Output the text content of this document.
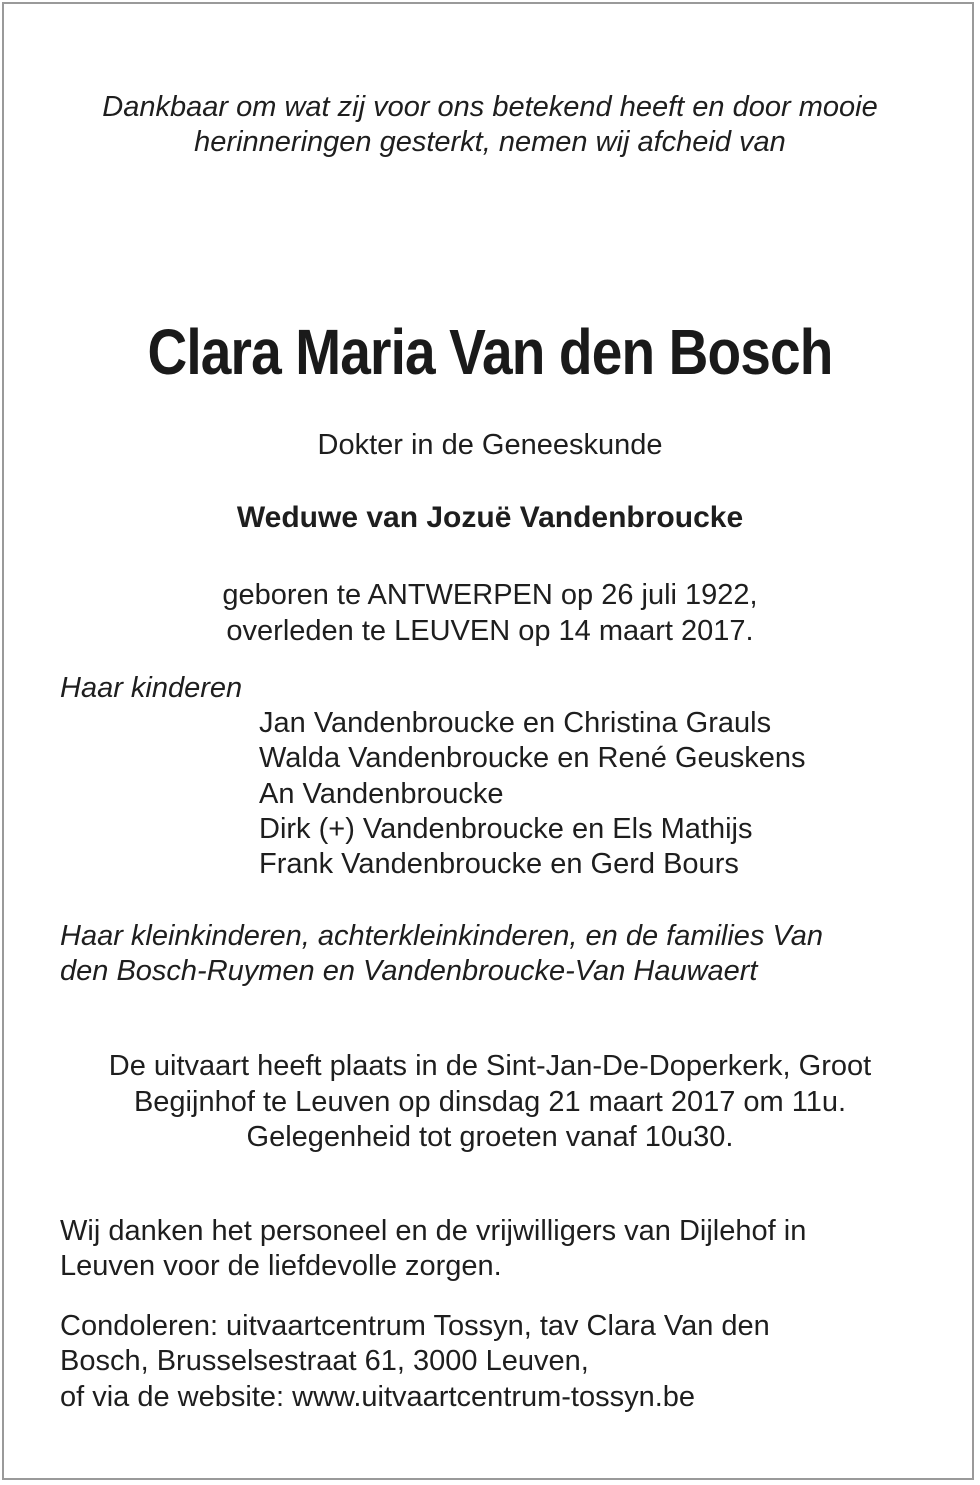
Dankbaar om wat zij voor ons betekend heeft en door mooie
herinneringen gesterkt, nemen wij afcheid van

Clara Maria Van den Bosch

Dokter in de Geneeskunde

Weduwe van Jozuë Vandenbroucke

geboren te ANTWERPEN op 26 juli 1922,

overleden te LEUVEN op 14 maart 2017.

Haar kinderen

Jan Vandenbroucke en Christina Grauls

Walda Vandenbroucke en René Geuskens

An Vandenbroucke

Dirk (+) Vandenbroucke en Els Mathijs

Frank Vandenbroucke en Gerd Bours

Haar kleinkinderen, achterkleinkinderen, en de families Van

den Bosch-Ruymen en Vandenbroucke-Van Hauwaert

De uitvaart heeft plaats in de Sint-Jan-De-Doperkerk, Groot

Begijnhof te Leuven op dinsdag 21 maart 2017 om 11u.

Gelegenheid tot groeten vanaf 10u30.

Wij danken het personeel en de vrijwilligers van Dijlehof in

Leuven voor de liefdevolle zorgen.

Condoleren: uitvaartcentrum Tossyn, tav Clara Van den

Bosch, Brusselsestraat 61, 3000 Leuven,

of via de website: www.uitvaartcentrum-tossyn.be
